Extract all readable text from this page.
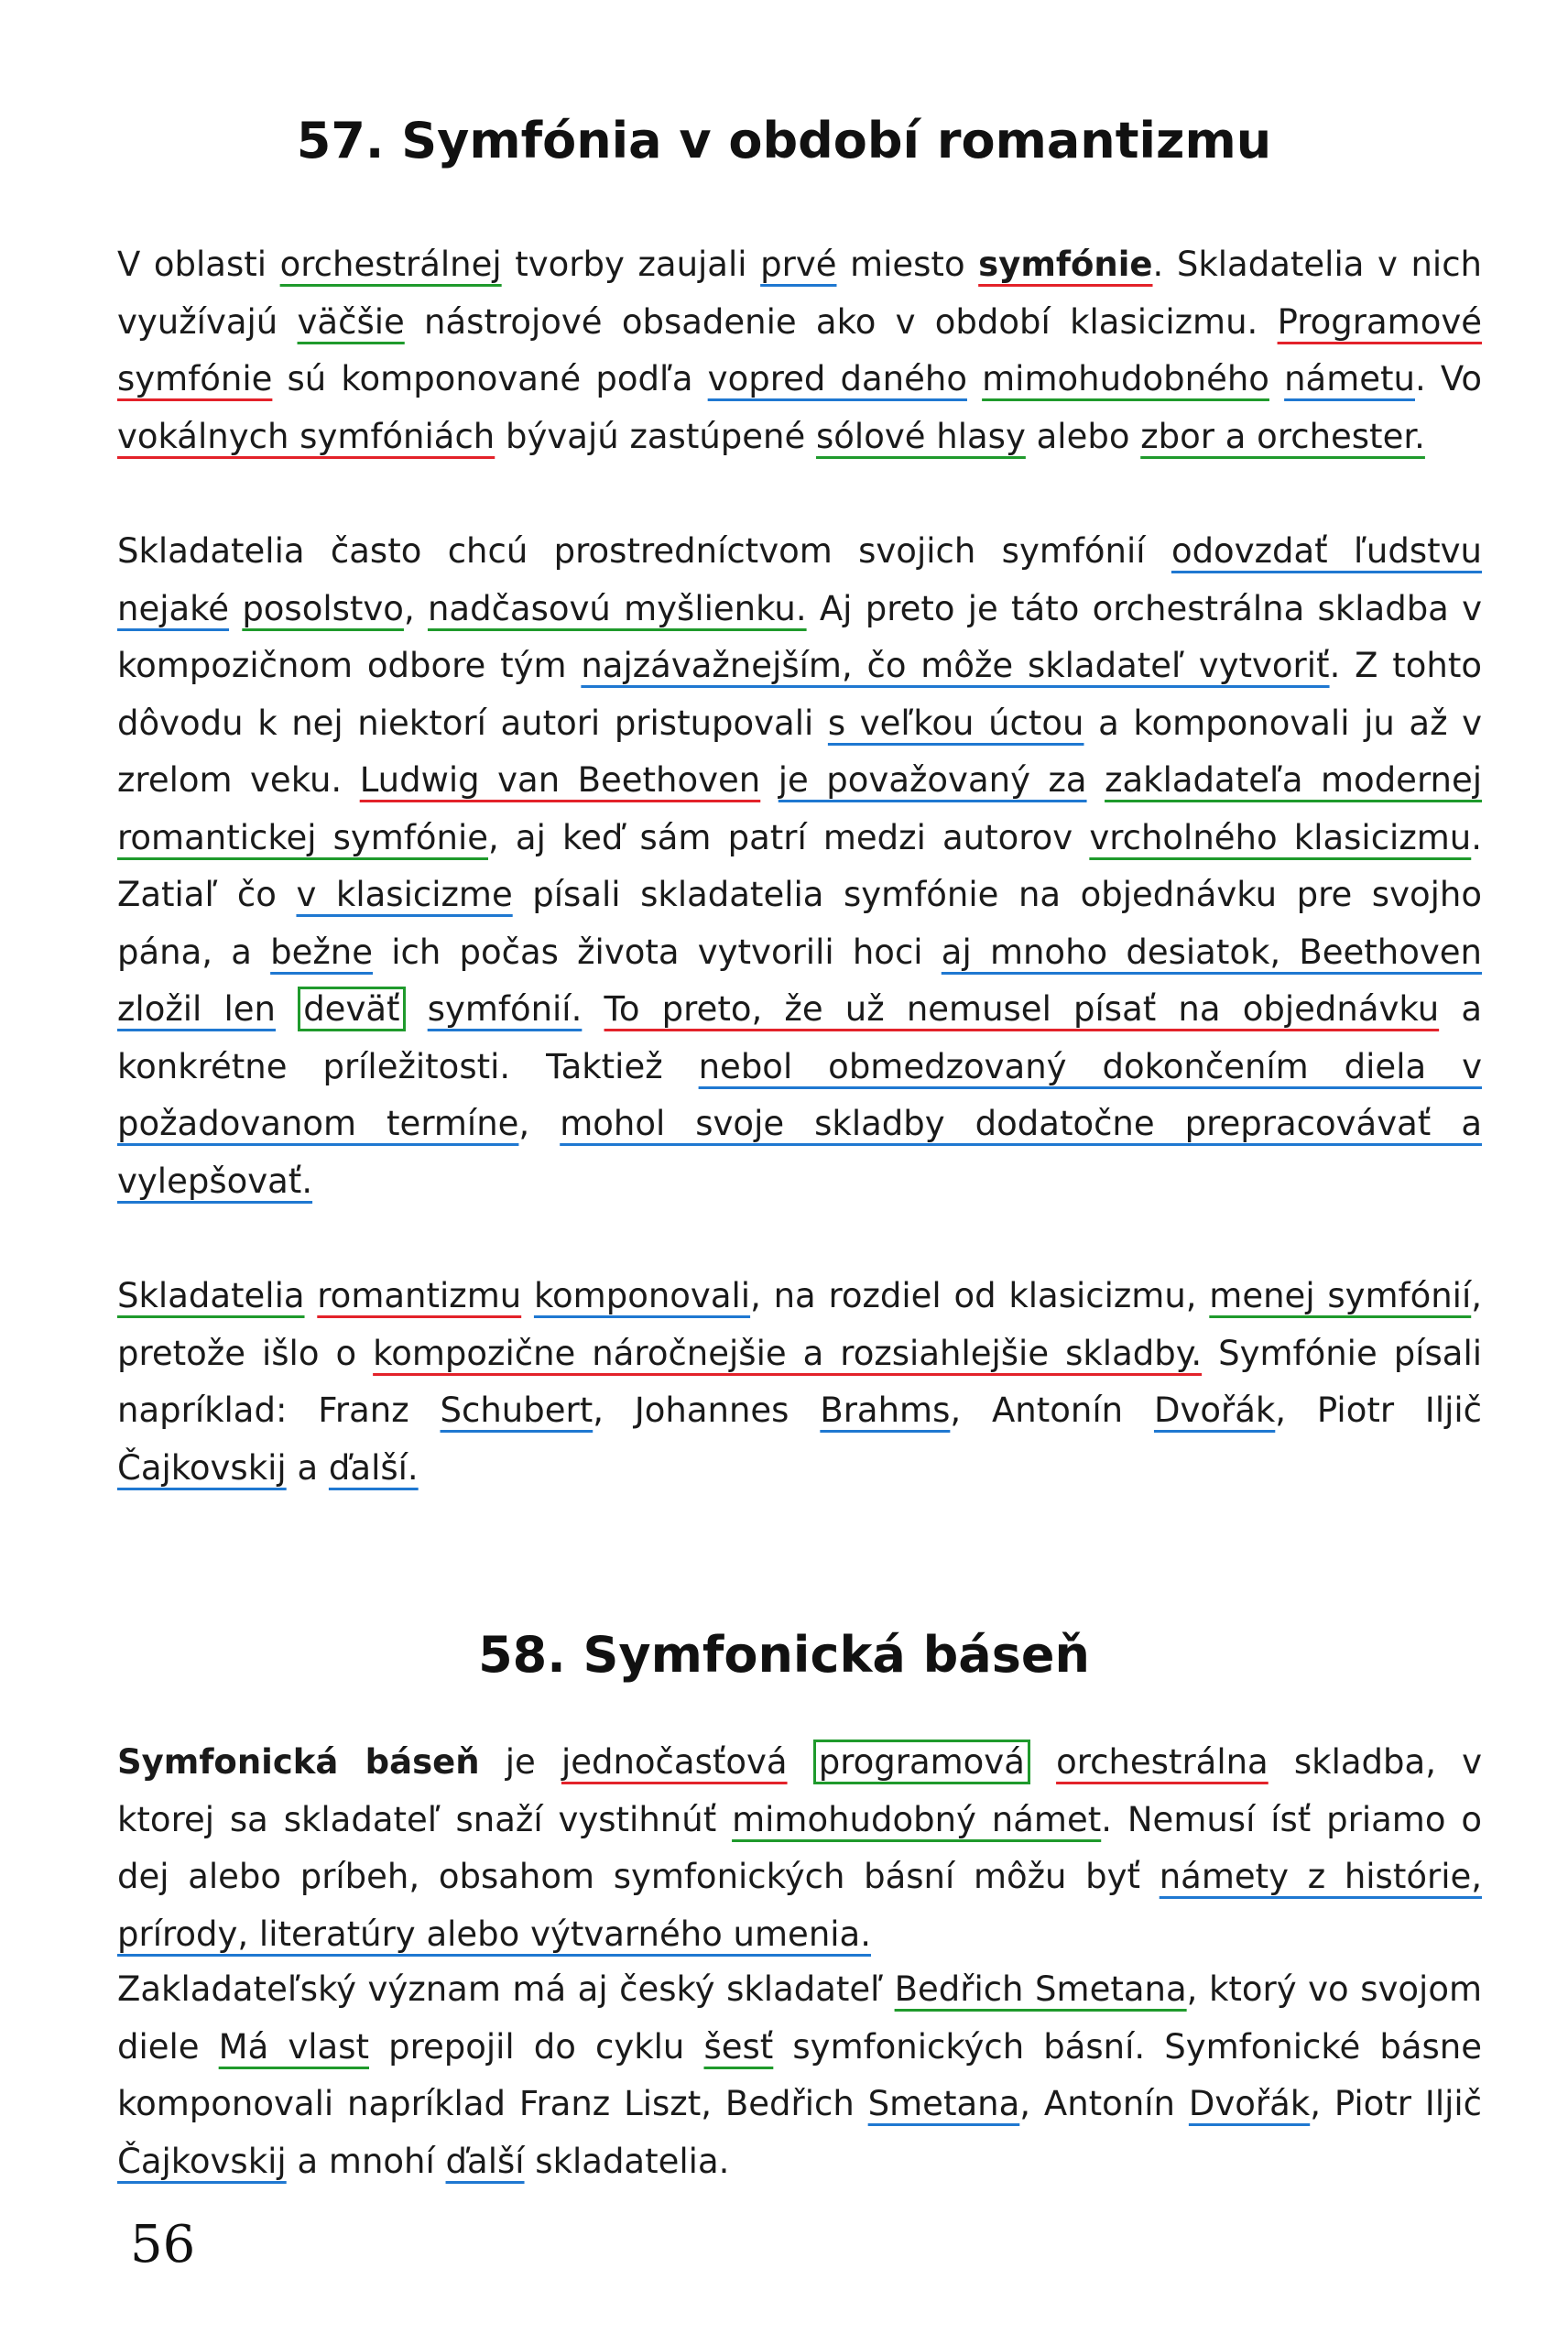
57. Symfónia v období romantizmu
V oblasti orchestrálnej tvorby zaujali prvé miesto symfónie. Skladatelia v nich využívajú väčšie nástrojové obsadenie ako v období klasicizmu. Programové symfónie sú komponované podľa vopred daného mimohudobného námetu. Vo vokálnych symfóniách bývajú zastúpené sólové hlasy alebo zbor a orchester.
Skladatelia často chcú prostredníctvom svojich symfónií odovzdať ľudstvu nejaké posolstvo, nadčasovú myšlienku. Aj preto je táto orchestrálna skladba v kompozičnom odbore tým najzávažnejším, čo môže skladateľ vytvoriť. Z tohto dôvodu k nej niektorí autori pristupovali s veľkou úctou a komponovali ju až v zrelom veku. Ludwig van Beethoven je považovaný za zakladateľa modernej romantickej symfónie, aj keď sám patrí medzi autorov vrcholného klasicizmu. Zatiaľ čo v klasicizme písali skladatelia symfónie na objednávku pre svojho pána, a bežne ich počas života vytvorili hoci aj mnoho desiatok, Beethoven zložil len deväť symfónií. To preto, že už nemusel písať na objednávku a konkrétne príležitosti. Taktiež nebol obmedzovaný dokončením diela v požadovanom termíne, mohol svoje skladby dodatočne prepracovávať a vylepšovať.
Skladatelia romantizmu komponovali, na rozdiel od klasicizmu, menej symfónií, pretože išlo o kompozične náročnejšie a rozsiahlejšie skladby. Symfónie písali napríklad: Franz Schubert, Johannes Brahms, Antonín Dvořák, Piotr Iljič Čajkovskij a ďalší.
58. Symfonická báseň
Symfonická báseň je jednočasťová programová orchestrálna skladba, v ktorej sa skladateľ snaží vystihnúť mimohudobný námet. Nemusí ísť priamo o dej alebo príbeh, obsahom symfonických básní môžu byť námety z histórie, prírody, literatúry alebo výtvarného umenia.
Zakladateľský význam má aj český skladateľ Bedřich Smetana, ktorý vo svojom diele Má vlast prepojil do cyklu šesť symfonických básní. Symfonické básne komponovali napríklad Franz Liszt, Bedřich Smetana, Antonín Dvořák, Piotr Iljič Čajkovskij a mnohí ďalší skladatelia.
56
